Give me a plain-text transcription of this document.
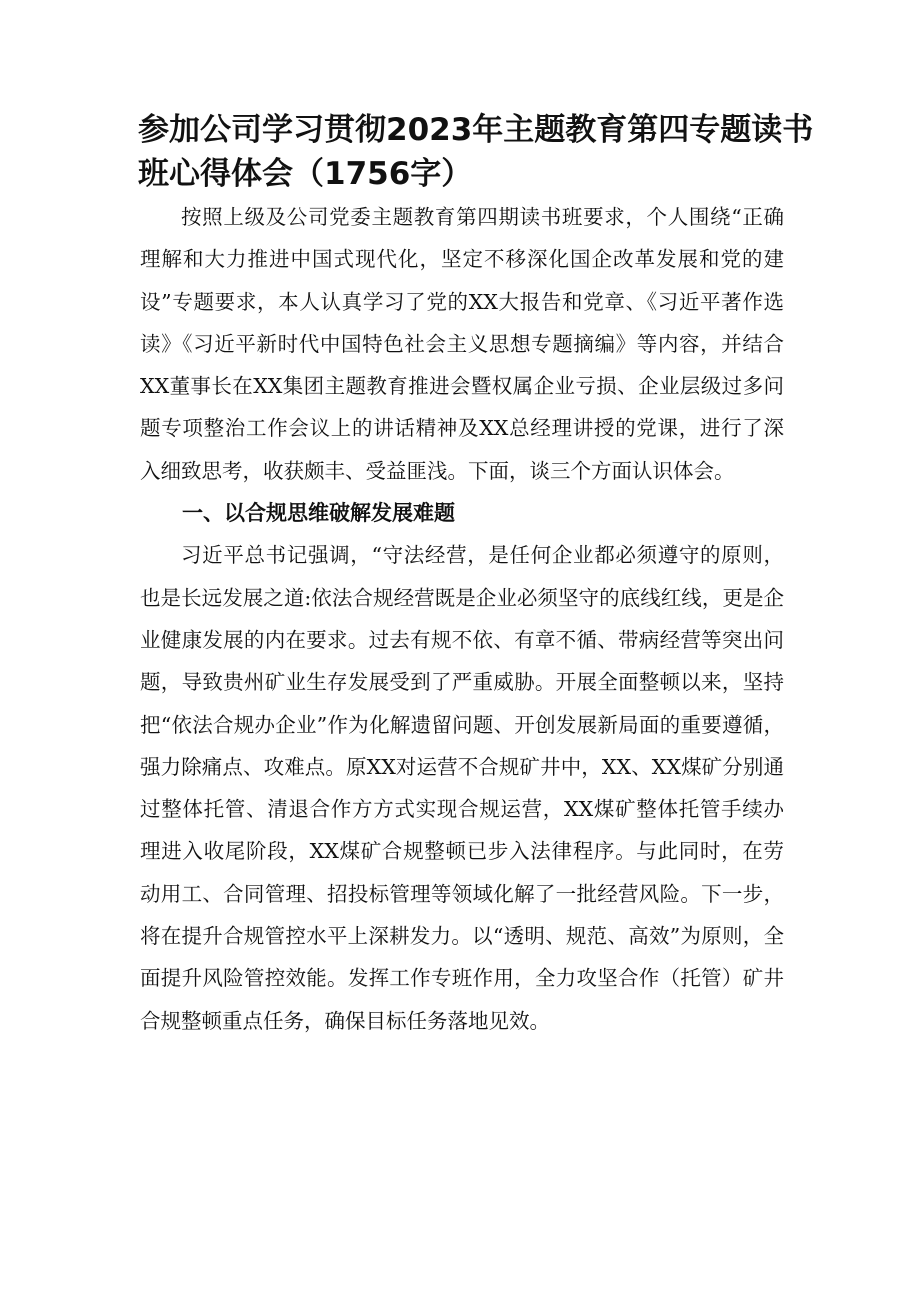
参加公司学习贯彻2023年主题教育第四专题读书班心得体会（1756字）

按照上级及公司党委主题教育第四期读书班要求，个人围绕“正确理解和大力推进中国式现代化，坚定不移深化国企改革发展和党的建设”专题要求，本人认真学习了党的XX大报告和党章、《习近平著作选读》《习近平新时代中国特色社会主义思想专题摘编》等内容，并结合XX董事长在XX集团主题教育推进会暨权属企业亏损、企业层级过多问题专项整治工作会议上的讲话精神及XX总经理讲授的党课，进行了深入细致思考，收获颇丰、受益匪浅。下面，谈三个方面认识体会。

一、以合规思维破解发展难题

习近平总书记强调，“守法经营，是任何企业都必须遵守的原则，也是长远发展之道:依法合规经营既是企业必须坚守的底线红线，更是企业健康发展的内在要求。过去有规不依、有章不循、带病经营等突出问题，导致贵州矿业生存发展受到了严重威胁。开展全面整顿以来，坚持把“依法合规办企业”作为化解遗留问题、开创发展新局面的重要遵循，强力除痛点、攻难点。原XX对运营不合规矿井中，XX、XX煤矿分别通过整体托管、清退合作方方式实现合规运营，XX煤矿整体托管手续办理进入收尾阶段，XX煤矿合规整顿已步入法律程序。与此同时，在劳动用工、合同管理、招投标管理等领域化解了一批经营风险。下一步，将在提升合规管控水平上深耕发力。以“透明、规范、高效”为原则，全面提升风险管控效能。发挥工作专班作用，全力攻坚合作（托管）矿井合规整顿重点任务，确保目标任务落地见效。
